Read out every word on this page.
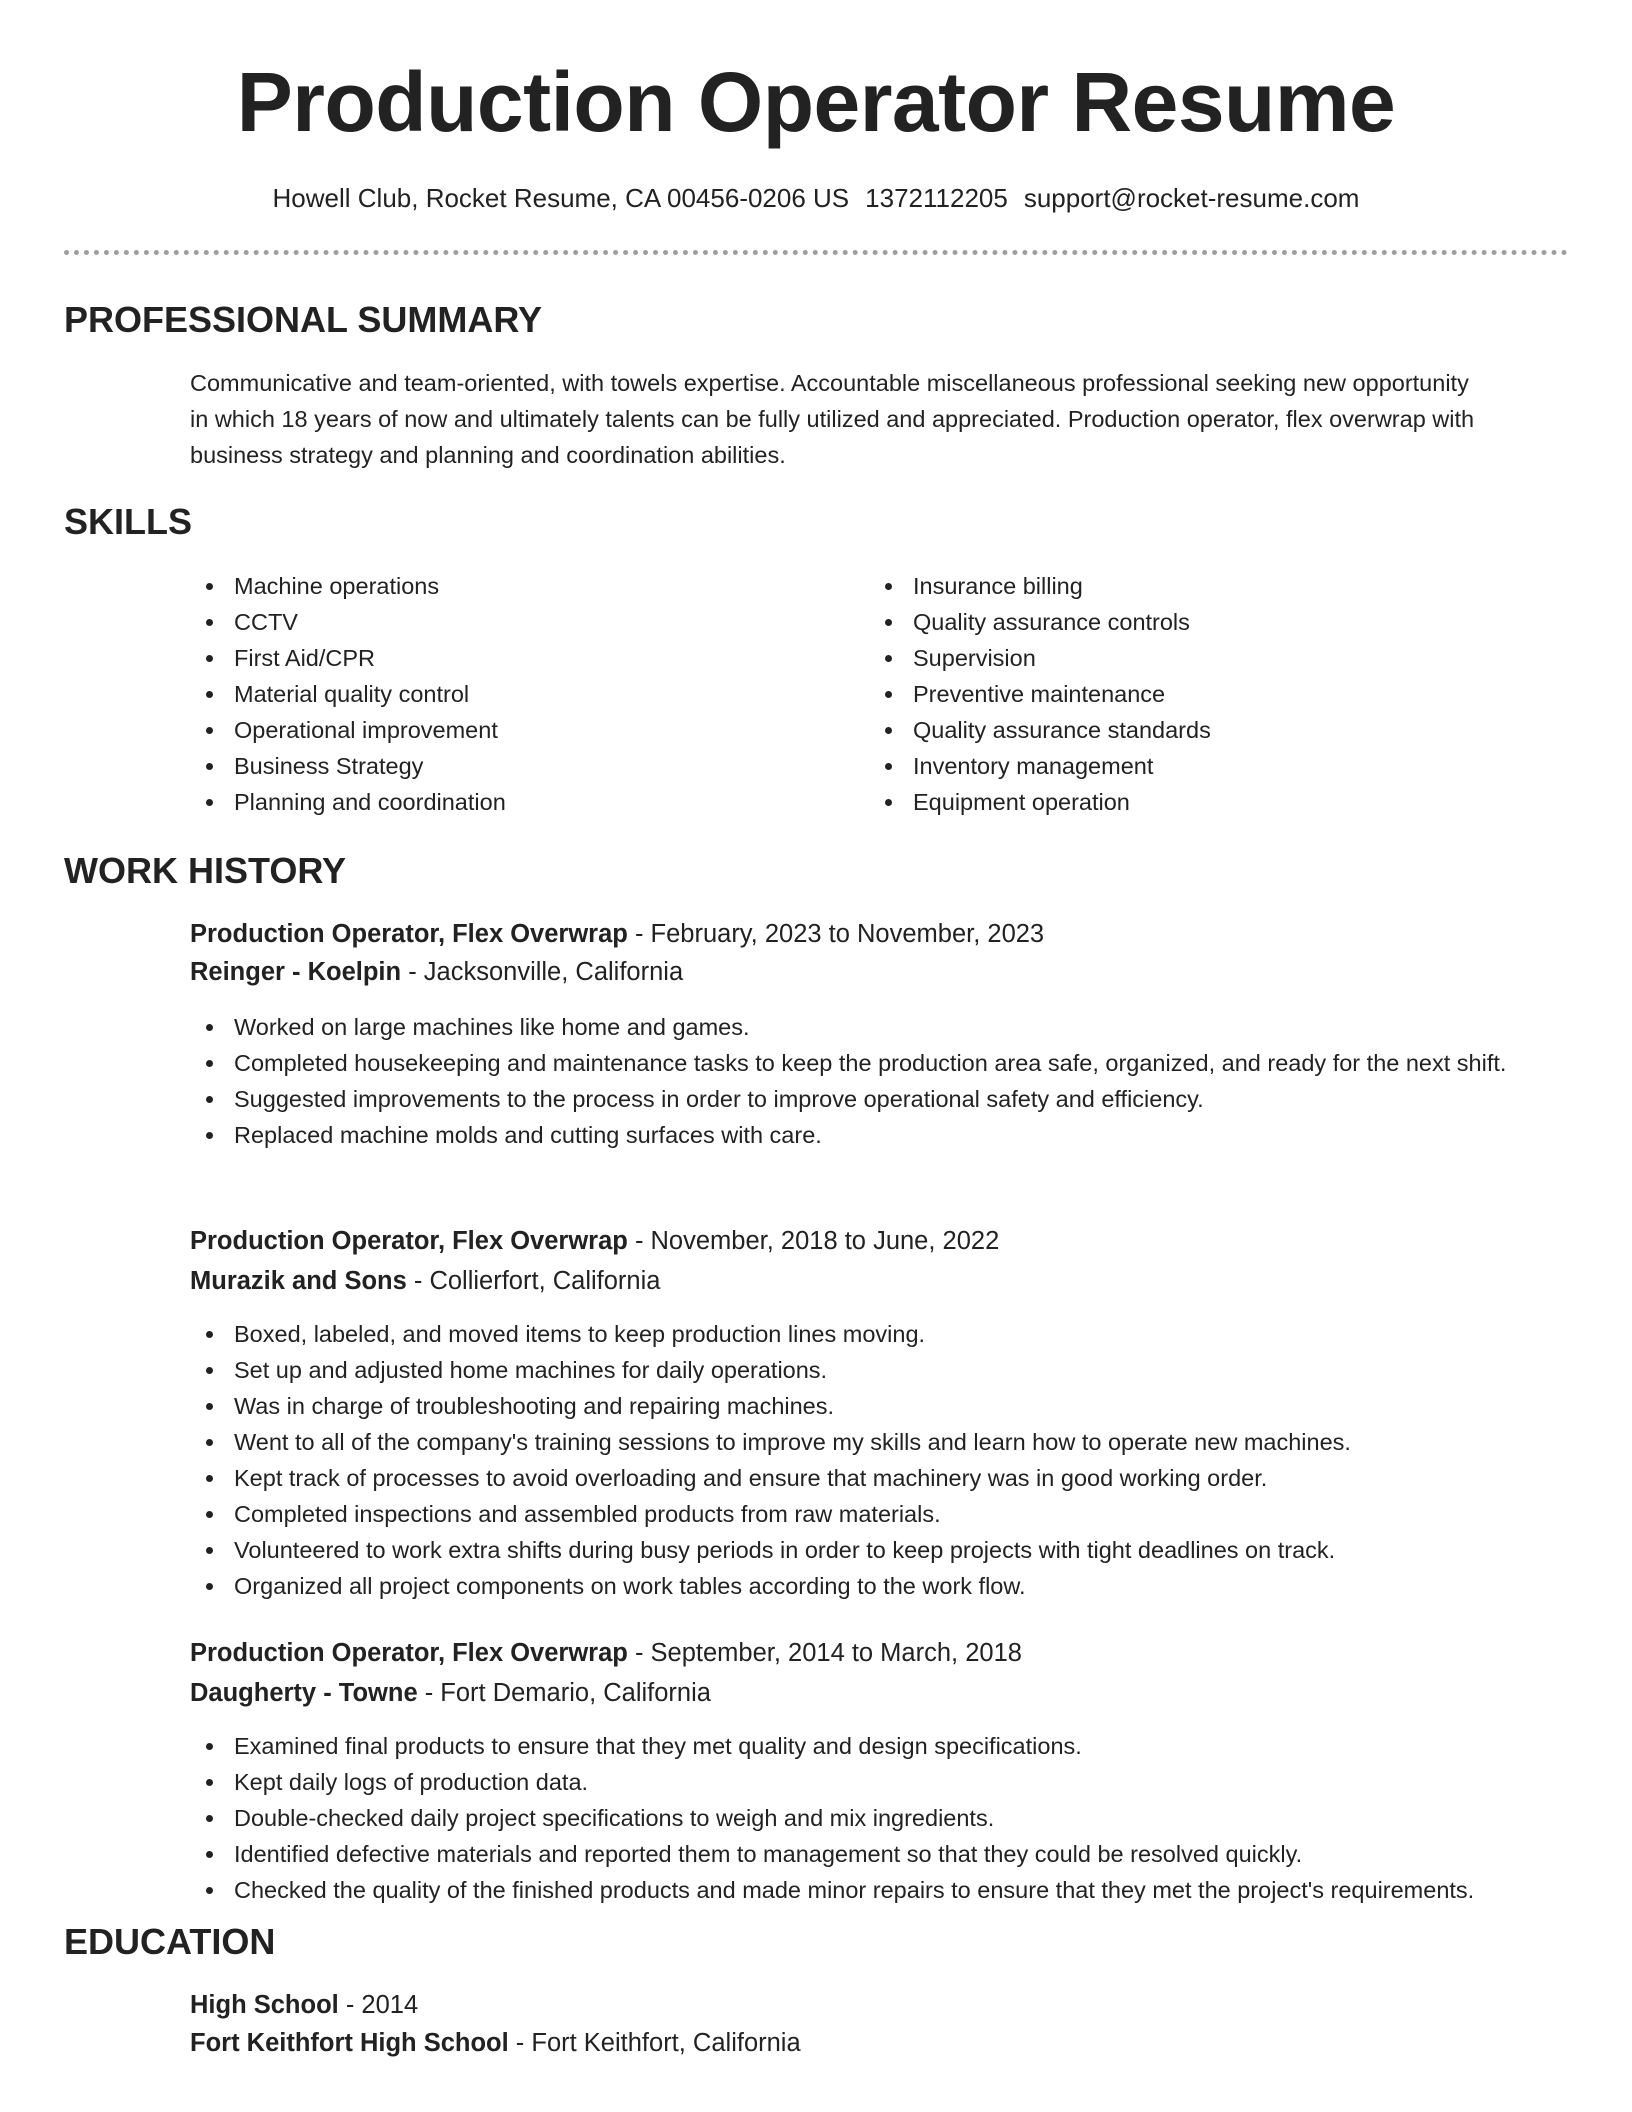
Production Operator Resume
Howell Club, Rocket Resume, CA 00456-0206 US 1372112205 support@rocket-resume.com
PROFESSIONAL SUMMARY
Communicative and team-oriented, with towels expertise. Accountable miscellaneous professional seeking new opportunity
in which 18 years of now and ultimately talents can be fully utilized and appreciated. Production operator, flex overwrap with
business strategy and planning and coordination abilities.
SKILLS
Machine operations
CCTV
First Aid/CPR
Material quality control
Operational improvement
Business Strategy
Planning and coordination
Insurance billing
Quality assurance controls
Supervision
Preventive maintenance
Quality assurance standards
Inventory management
Equipment operation
WORK HISTORY
Production Operator, Flex Overwrap - February, 2023 to November, 2023
Reinger - Koelpin - Jacksonville, California
Worked on large machines like home and games.
Completed housekeeping and maintenance tasks to keep the production area safe, organized, and ready for the next shift.
Suggested improvements to the process in order to improve operational safety and efficiency.
Replaced machine molds and cutting surfaces with care.
Production Operator, Flex Overwrap - November, 2018 to June, 2022
Murazik and Sons - Collierfort, California
Boxed, labeled, and moved items to keep production lines moving.
Set up and adjusted home machines for daily operations.
Was in charge of troubleshooting and repairing machines.
Went to all of the company's training sessions to improve my skills and learn how to operate new machines.
Kept track of processes to avoid overloading and ensure that machinery was in good working order.
Completed inspections and assembled products from raw materials.
Volunteered to work extra shifts during busy periods in order to keep projects with tight deadlines on track.
Organized all project components on work tables according to the work flow.
Production Operator, Flex Overwrap - September, 2014 to March, 2018
Daugherty - Towne - Fort Demario, California
Examined final products to ensure that they met quality and design specifications.
Kept daily logs of production data.
Double-checked daily project specifications to weigh and mix ingredients.
Identified defective materials and reported them to management so that they could be resolved quickly.
Checked the quality of the finished products and made minor repairs to ensure that they met the project's requirements.
EDUCATION
High School - 2014
Fort Keithfort High School - Fort Keithfort, California
